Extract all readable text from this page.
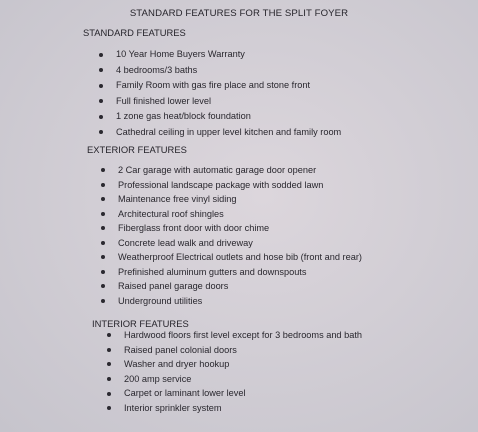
STANDARD FEATURES FOR THE SPLIT FOYER
STANDARD FEATURES
10 Year Home Buyers Warranty
4 bedrooms/3 baths
Family Room with gas fire place and stone front
Full finished lower level
1 zone gas heat/block foundation
Cathedral ceiling in upper level kitchen and family room
EXTERIOR FEATURES
2 Car garage with automatic garage door opener
Professional landscape package with sodded lawn
Maintenance free vinyl siding
Architectural roof shingles
Fiberglass front door with door chime
Concrete lead walk and driveway
Weatherproof Electrical outlets and hose bib (front and rear)
Prefinished aluminum gutters and downspouts
Raised panel garage doors
Underground utilities
INTERIOR FEATURES
Hardwood floors first level except for 3 bedrooms and bath
Raised panel colonial doors
Washer and dryer hookup
200 amp service
Carpet or laminant lower level
Interior sprinkler system
